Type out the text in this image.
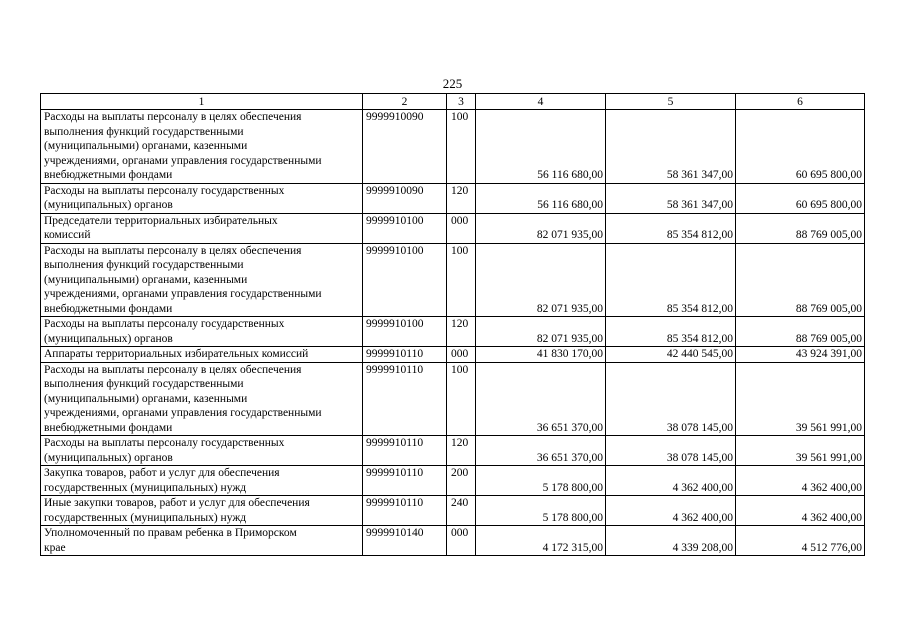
225
1	2	3	4	5	6

Расходы на выплаты персоналу в целях обеспечения
выполнения функций государственными
(муниципальными) органами, казенными
учреждениями, органами управления государственными
внебюджетными фондами	9999910090	100	56 116 680,00	58 361 347,00	60 695 800,00

Расходы на выплаты персоналу государственных
(муниципальных) органов	9999910090	120	56 116 680,00	58 361 347,00	60 695 800,00

Председатели территориальных избирательных
комиссий	9999910100	000	82 071 935,00	85 354 812,00	88 769 005,00

Расходы на выплаты персоналу в целях обеспечения
выполнения функций государственными
(муниципальными) органами, казенными
учреждениями, органами управления государственными
внебюджетными фондами	9999910100	100	82 071 935,00	85 354 812,00	88 769 005,00

Расходы на выплаты персоналу государственных
(муниципальных) органов	9999910100	120	82 071 935,00	85 354 812,00	88 769 005,00

Аппараты территориальных избирательных комиссий	9999910110	000	41 830 170,00	42 440 545,00	43 924 391,00

Расходы на выплаты персоналу в целях обеспечения
выполнения функций государственными
(муниципальными) органами, казенными
учреждениями, органами управления государственными
внебюджетными фондами	9999910110	100	36 651 370,00	38 078 145,00	39 561 991,00

Расходы на выплаты персоналу государственных
(муниципальных) органов	9999910110	120	36 651 370,00	38 078 145,00	39 561 991,00

Закупка товаров, работ и услуг для обеспечения
государственных (муниципальных) нужд	9999910110	200	5 178 800,00	4 362 400,00	4 362 400,00

Иные закупки товаров, работ и услуг для обеспечения
государственных (муниципальных) нужд	9999910110	240	5 178 800,00	4 362 400,00	4 362 400,00

Уполномоченный по правам ребенка в Приморском
крае	9999910140	000	4 172 315,00	4 339 208,00	4 512 776,00
